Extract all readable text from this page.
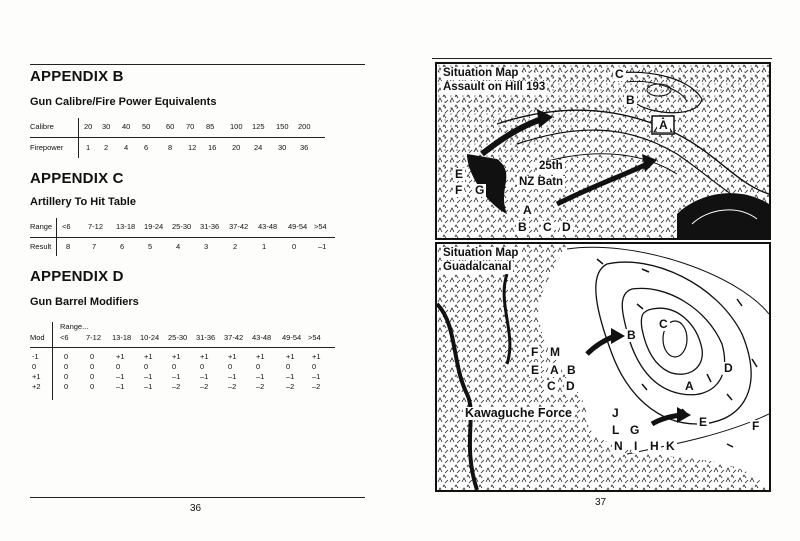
APPENDIX B
Gun Calibre/Fire Power Equivalents
Calibre	20 30 40 50 60 70 85 100 125 150 200
Firepower	1 2 4 6	8 12 16 20 24 30 36
APPENDIX C
Artillery To Hit Table
Range <6 7-12 13-18 19-24 25-30 31-36 37-42 43-48 49-54 >54
Result 8	7	6	5	4	3	2	1	0	–1
APPENDIX D
Gun Barrel Modifiers
Range...
Mod <6 7-12 13-18 10-24 25-30 31-36 37-42 43-48 49-54 >54
-1	0	0	+1	+1	+1	+1	+1	+1	+1 +1
0	0	0	0	0	0	0	0	0	0	0
+1	0	0	–1	–1	–1	–1	–1	–1	–1 –1
+2	0	0	–1	–1	–2	–2	–2	–2	–2 –2
36
Situation Map
Assault on Hill 193
25th
NZ Batn
C
B
A
E
F G
A
B C D
Situation Map
Guadalcanal
Kawaguche Force
C
B
A
D
E	F
F M
E A B
C D
J
L G
N I H K
37
